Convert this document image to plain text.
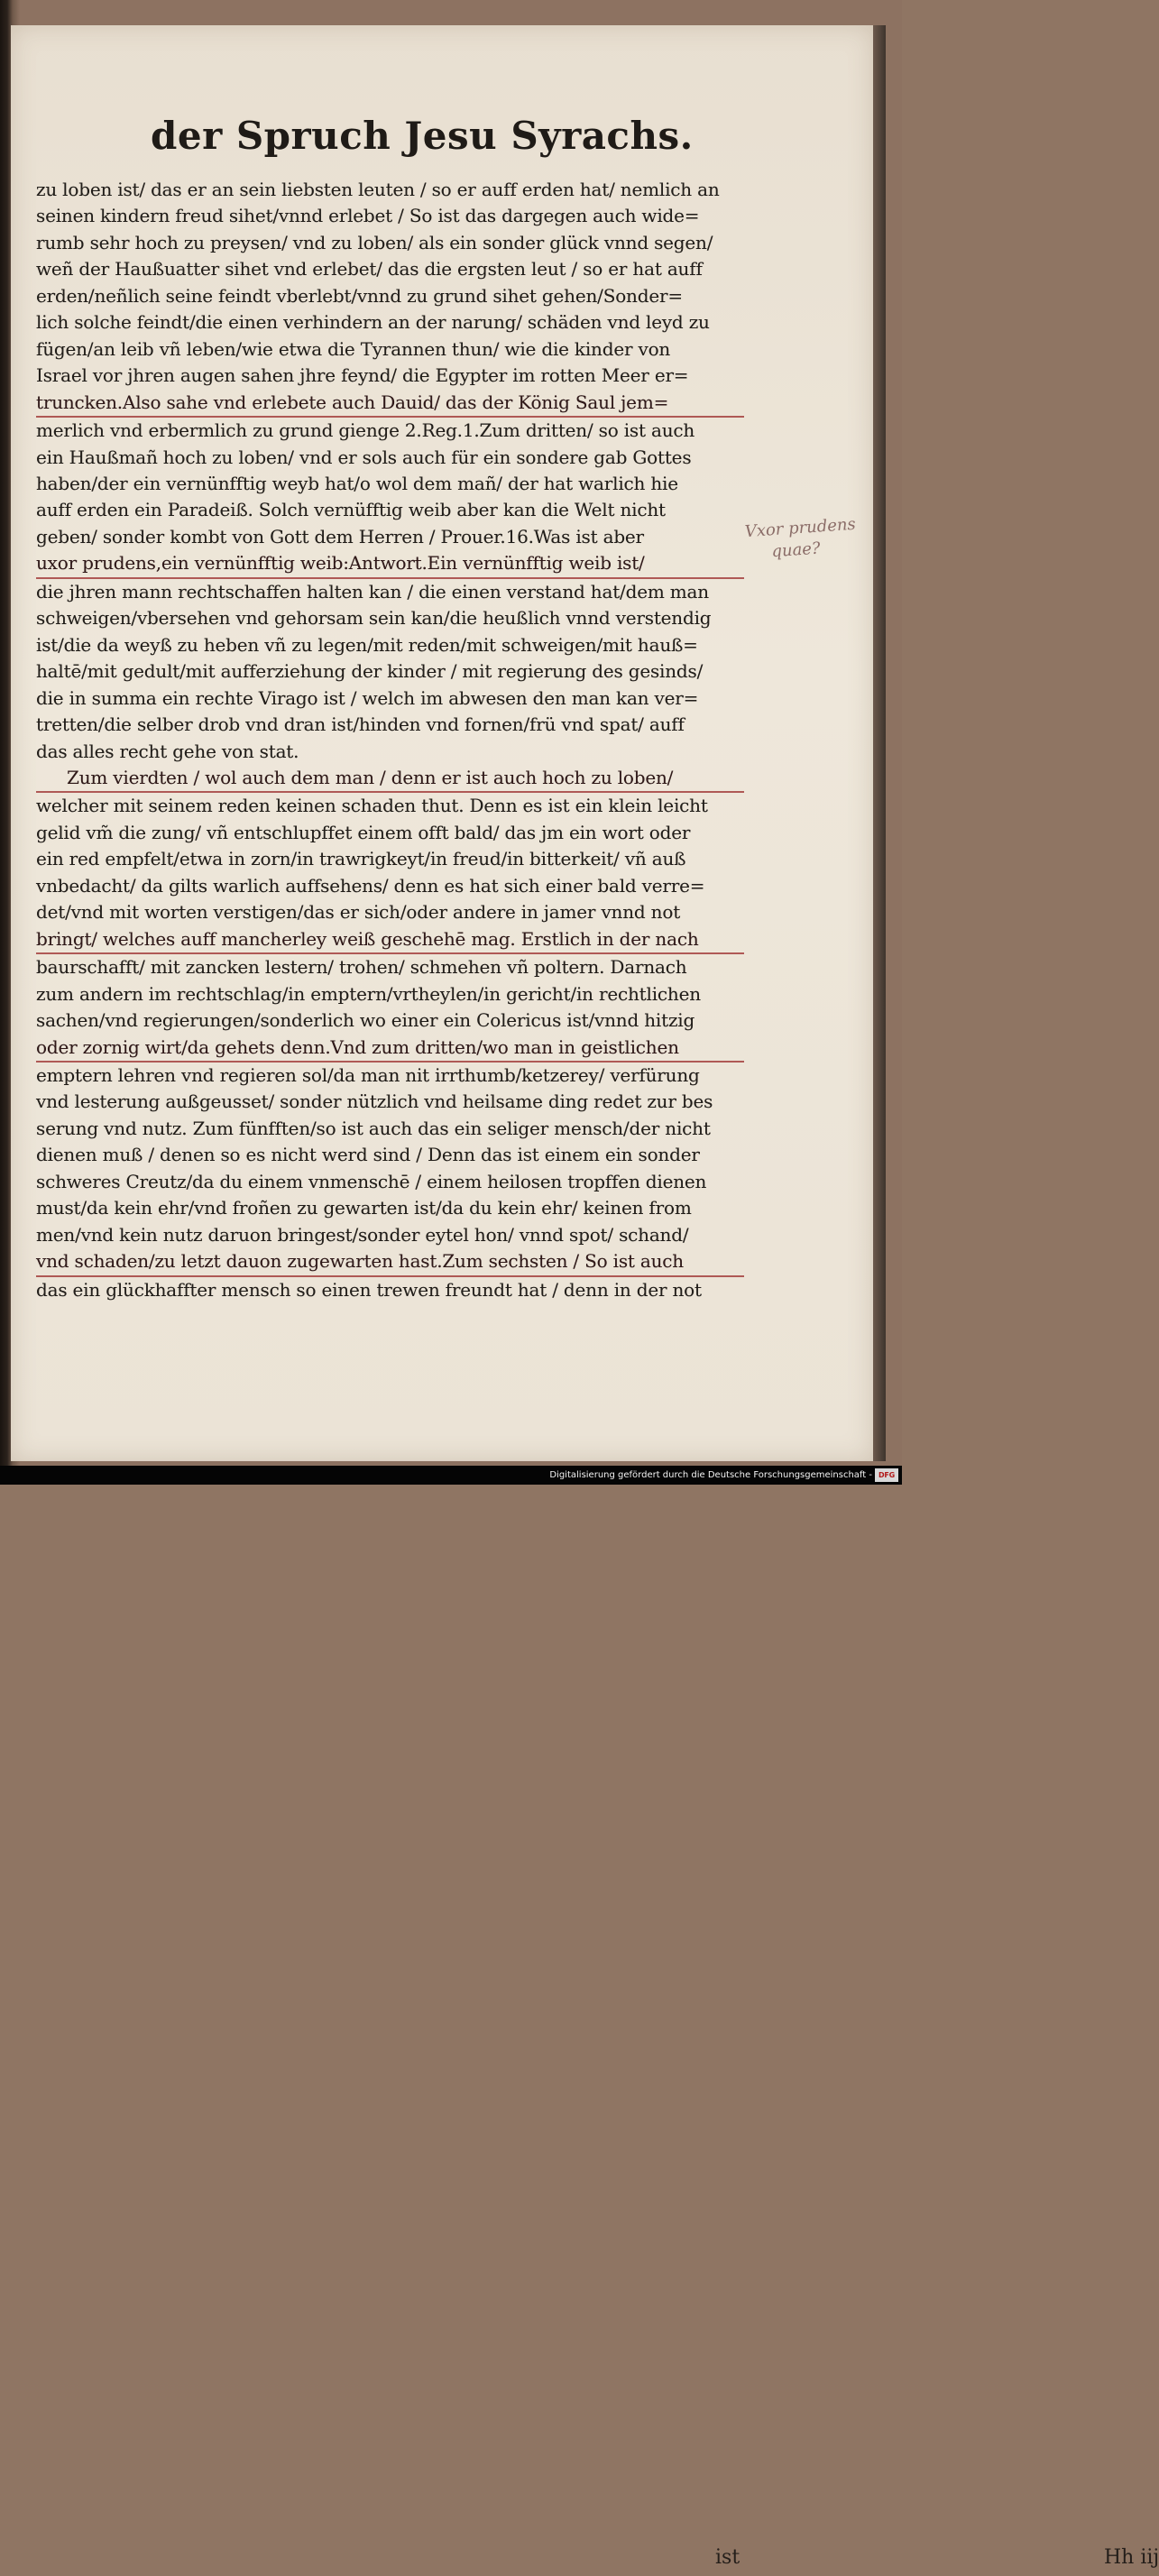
der Spruch Jesu Syrachs.
zu loben ist/ das er an sein liebsten leuten / so er auff erden hat/ nemlich an
seinen kindern freud sihet/vnnd erlebet / So ist das dargegen auch wide=
rumb sehr hoch zu preysen/ vnd zu loben/ als ein sonder glück vnnd segen/
weñ der Haußuatter sihet vnd erlebet/ das die ergsten leut / so er hat auff
erden/neñlich seine feindt vberlebt/vnnd zu grund sihet gehen/Sonder=
lich solche feindt/die einen verhindern an der narung/ schäden vnd leyd zu
fügen/an leib vñ leben/wie etwa die Tyrannen thun/ wie die kinder von
Israel vor jhren augen sahen jhre feynd/ die Egypter im rotten Meer er=
truncken.Also sahe vnd erlebete auch Dauid/ das der König Saul jem=
merlich vnd erbermlich zu grund gienge 2.Reg.1.Zum dritten/ so ist auch
ein Haußmañ hoch zu loben/ vnd er sols auch für ein sondere gab Gottes
haben/der ein vernünfftig weyb hat/o wol dem mañ/ der hat warlich hie
auff erden ein Paradeiß. Solch vernüfftig weib aber kan die Welt nicht
geben/ sonder kombt von Gott dem Herren / Prouer.16.Was ist aber
uxor prudens,ein vernünfftig weib:Antwort.Ein vernünfftig weib ist/
die jhren mann rechtschaffen halten kan / die einen verstand hat/dem man
schweigen/vbersehen vnd gehorsam sein kan/die heußlich vnnd verstendig
ist/die da weyß zu heben vñ zu legen/mit reden/mit schweigen/mit hauß=
haltē/mit gedult/mit aufferziehung der kinder / mit regierung des gesinds/
die in summa ein rechte Virago ist / welch im abwesen den man kan ver=
tretten/die selber drob vnd dran ist/hinden vnd fornen/frü vnd spat/ auff
das alles recht gehe von stat.
Zum vierdten / wol auch dem man / denn er ist auch hoch zu loben/
welcher mit seinem reden keinen schaden thut. Denn es ist ein klein leicht
gelid vm̃ die zung/ vñ entschlupffet einem offt bald/ das jm ein wort oder
ein red empfelt/etwa in zorn/in trawrigkeyt/in freud/in bitterkeit/ vñ auß
vnbedacht/ da gilts warlich auffsehens/ denn es hat sich einer bald verre=
det/vnd mit worten verstigen/das er sich/oder andere in jamer vnnd not
bringt/ welches auff mancherley weiß geschehē mag. Erstlich in der nach
baurschafft/ mit zancken lestern/ trohen/ schmehen vñ poltern. Darnach
zum andern im rechtschlag/in emptern/vrtheylen/in gericht/in rechtlichen
sachen/vnd regierungen/sonderlich wo einer ein Colericus ist/vnnd hitzig
oder zornig wirt/da gehets denn.Vnd zum dritten/wo man in geistlichen
emptern lehren vnd regieren sol/da man nit irrthumb/ketzerey/ verfürung
vnd lesterung außgeusset/ sonder nützlich vnd heilsame ding redet zur bes
serung vnd nutz. Zum fünfften/so ist auch das ein seliger mensch/der nicht
dienen muß / denen so es nicht werd sind / Denn das ist einem ein sonder
schweres Creutz/da du einem vnmenschē / einem heilosen tropffen dienen
must/da kein ehr/vnd froñen zu gewarten ist/da du kein ehr/ keinen from
men/vnd kein nutz daruon bringest/sonder eytel hon/ vnnd spot/ schand/
vnd schaden/zu letzt dauon zugewarten hast.Zum sechsten / So ist auch
das ein glückhaffter mensch so einen trewen freundt hat / denn in der not
Vxor prudens
quae?
Hh iij
ist
Digitalisierung gefördert durch die Deutsche Forschungsgemeinschaft - DFG
